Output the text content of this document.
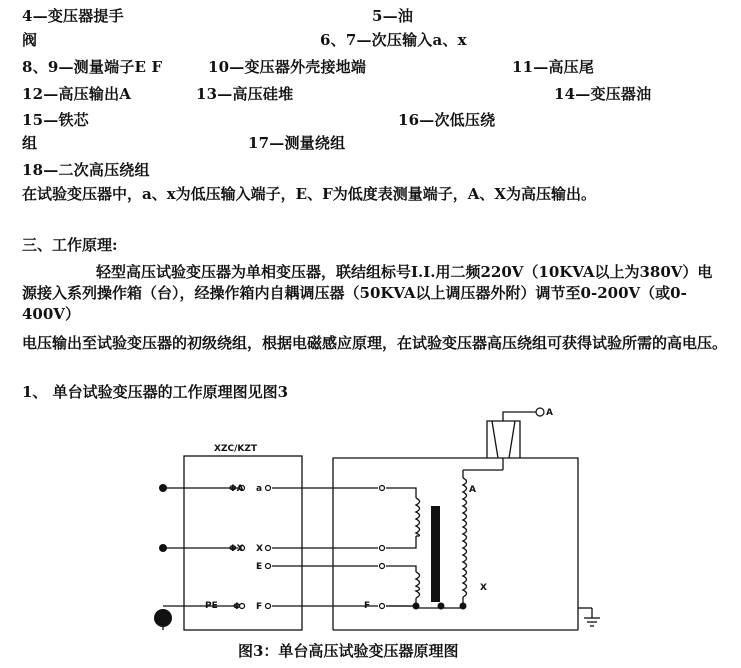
4—变压器提手	5—油
阀	6、7—次压输入a、x
8、9—测量端子E F	10—变压器外壳接地端	11—高压尾
12—高压输出A	13—高压硅堆	14—变压器油
15—铁芯	16—次低压绕
组	17—测量绕组
18—二次高压绕组
在试验变压器中，a、x为低压输入端子，E、F为低度表测量端子，A、X为高压输出。
三、工作原理:
轻型高压试验变压器为单相变压器，联结组标号I.I.用二频220V（10KVA以上为380V）电源接入系列操作箱（台），经操作箱内自耦调压器（50KVA以上调压器外附）调节至0-200V（或0-400V）
电压输出至试验变压器的初级绕组，根据电磁感应原理，在试验变压器高压绕组可获得试验所需的高电压。
1、 单台试验变压器的工作原理图见图3
XZC/KZT
ΦA a
ΦX X
E
PE Φ F	F
A
A
X
图3：单台高压试验变压器原理图
